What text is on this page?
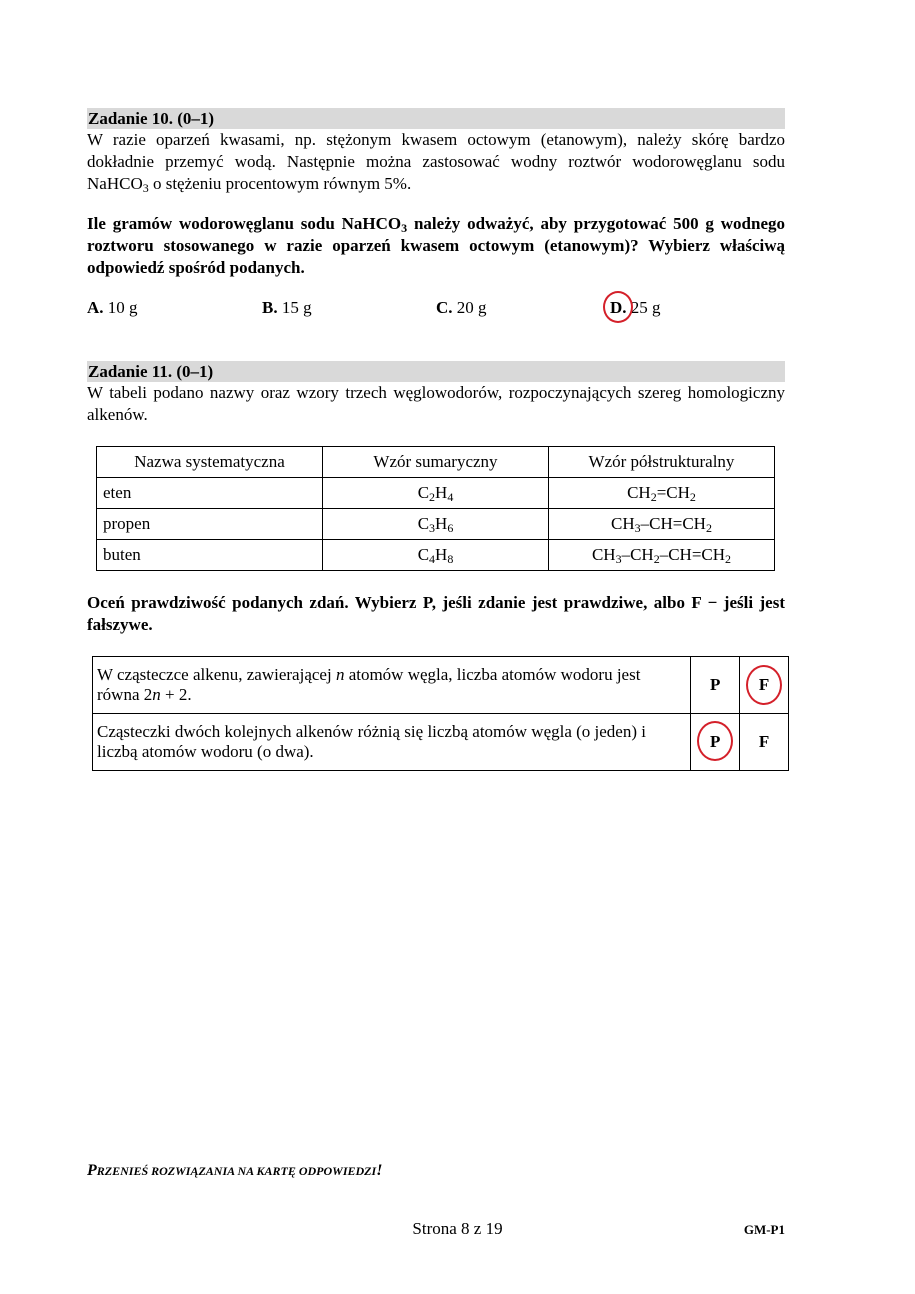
Zadanie 10. (0–1)

W razie oparzeń kwasami, np. stężonym kwasem octowym (etanowym), należy skórę bardzo dokładnie przemyć wodą. Następnie można zastosować wodny roztwór wodorowęglanu sodu NaHCO$_3$ o stężeniu procentowym równym 5%.

Ile gramów wodorowęglanu sodu NaHCO$_3$ należy odważyć, aby przygotować 500 g wodnego roztworu stosowanego w razie oparzeń kwasem octowym (etanowym)? Wybierz właściwą odpowiedź spośród podanych.

A. 10 g	B. 15 g	C. 20 g	D. 25 g
Zadanie 11. (0–1)

W tabeli podano nazwy oraz wzory trzech węglowodorów, rozpoczynających szereg homologiczny alkenów.

Nazwa systematyczna	Wzór sumaryczny	Wzór półstrukturalny
eten	$C_2H_4$	$CH_2=CH_2$
propen	$C_3H_6$	$CH_3-CH=CH_2$
buten	$C_4H_8$	$CH_3-CH_2-CH=CH_2$

Oceń prawdziwość podanych zdań. Wybierz P, jeśli zdanie jest prawdziwe, albo F − jeśli jest fałszywe.

W cząsteczce alkenu, zawierającej n atomów węgla, liczba atomów wodoru jest równa 2n + 2.	P	F

Cząsteczki dwóch kolejnych alkenów różnią się liczbą atomów węgla (o jeden) i liczbą atomów wodoru (o dwa).	P	F
PRZENIEŚ ROZWIĄZANIA NA KARTĘ ODPOWIEDZI!
Strona 8 z 19	GM-P1
